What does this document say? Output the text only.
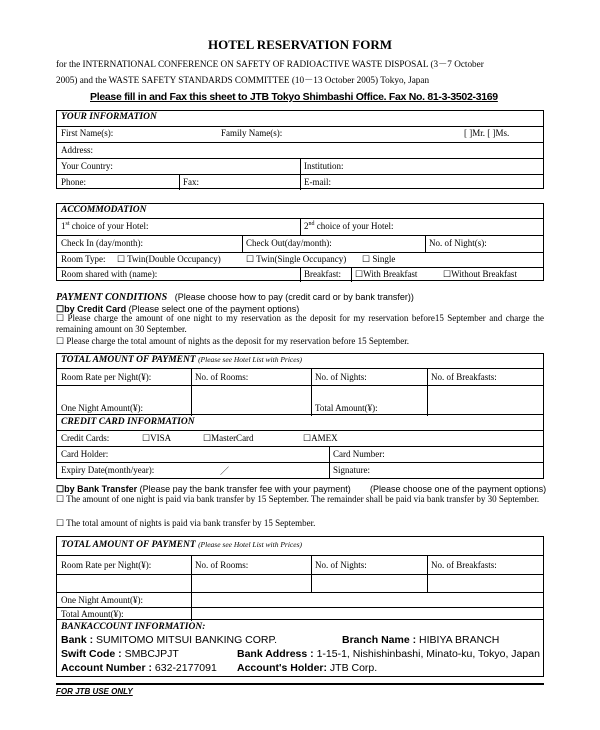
HOTEL RESERVATION FORM
for the INTERNATIONAL CONFERENCE ON SAFETY OF RADIOACTIVE WASTE DISPOSAL (3－7 October
2005) and the WASTE SAFETY STANDARDS COMMITTEE (10－13 October 2005) Tokyo, Japan
Please fill in and Fax this sheet to JTB Tokyo Shimbashi Office. Fax No. 81-3-3502-3169
YOUR INFORMATION
First Name(s):	Family Name(s):	[ ]Mr. [ ]Ms.
Address:
Your Country:	Institution:
Phone:	Fax:	E-mail:
ACCOMMODATION
1st choice of your Hotel:	2nd choice of your Hotel:
Check In (day/month):	Check Out(day/month):	No. of Night(s):
Room Type: ☐ Twin(Double Occupancy)	☐ Twin(Single Occupancy) ☐ Single
Room shared with (name):	Breakfast: ☐With Breakfast	☐Without Breakfast
PAYMENT CONDITIONS (Please choose how to pay (credit card or by bank transfer))
☐by Credit Card (Please select one of the payment options)
☐ Please charge the amount of one night to my reservation as the deposit for my reservation before15 September and charge the remaining amount on 30 September.
☐ Please charge the total amount of nights as the deposit for my reservation before 15 September.
TOTAL AMOUNT OF PAYMENT (Please see Hotel List with Prices)
Room Rate per Night(¥):	No. of Rooms:	No. of Nights:	No. of Breakfasts:
One Night Amount(¥):	Total Amount(¥):
CREDIT CARD INFORMATION
Credit Cards:	☐VISA	☐MasterCard	☐AMEX
Card Holder:	Card Number:
Expiry Date(month/year):	／	Signature:
☐by Bank Transfer (Please pay the bank transfer fee with your payment) (Please choose one of the payment options)
☐ The amount of one night is paid via bank transfer by 15 September. The remainder shall be paid via bank transfer by 30 September.
☐ The total amount of nights is paid via bank transfer by 15 September.
TOTAL AMOUNT OF PAYMENT (Please see Hotel List with Prices)
Room Rate per Night(¥):	No. of Rooms:	No. of Nights:	No. of Breakfasts:
One Night Amount(¥):
Total Amount(¥):
BANKACCOUNT INFORMATION:
Bank : SUMITOMO MITSUI BANKING CORP.	Branch Name : HIBIYA BRANCH
Swift Code : SMBCJPJT	Bank Address : 1-15-1, Nishishinbashi, Minato-ku, Tokyo, Japan
Account Number : 632-2177091 Account's Holder: JTB Corp.
FOR JTB USE ONLY
